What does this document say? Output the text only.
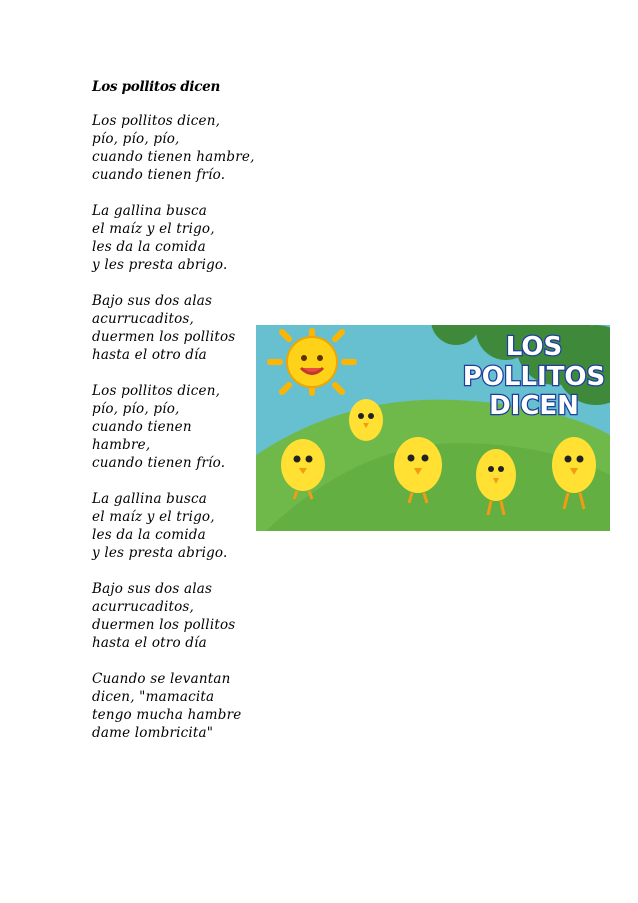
Los pollitos dicen
Los pollitos dicen,
pío, pío, pío,
cuando tienen hambre,
cuando tienen frío.
La gallina busca
el maíz y el trigo,
les da la comida
y les presta abrigo.
Bajo sus dos alas
acurrucaditos,
duermen los pollitos
hasta el otro día
Los pollitos dicen,
pío, pío, pío,
cuando tienen
hambre,
cuando tienen frío.
La gallina busca
el maíz y el trigo,
les da la comida
y les presta abrigo.
Bajo sus dos alas
acurrucaditos,
duermen los pollitos
hasta el otro día
Cuando se levantan
dicen, "mamacita
tengo mucha hambre
dame lombricita"
LOS
POLLITOS
DICEN
